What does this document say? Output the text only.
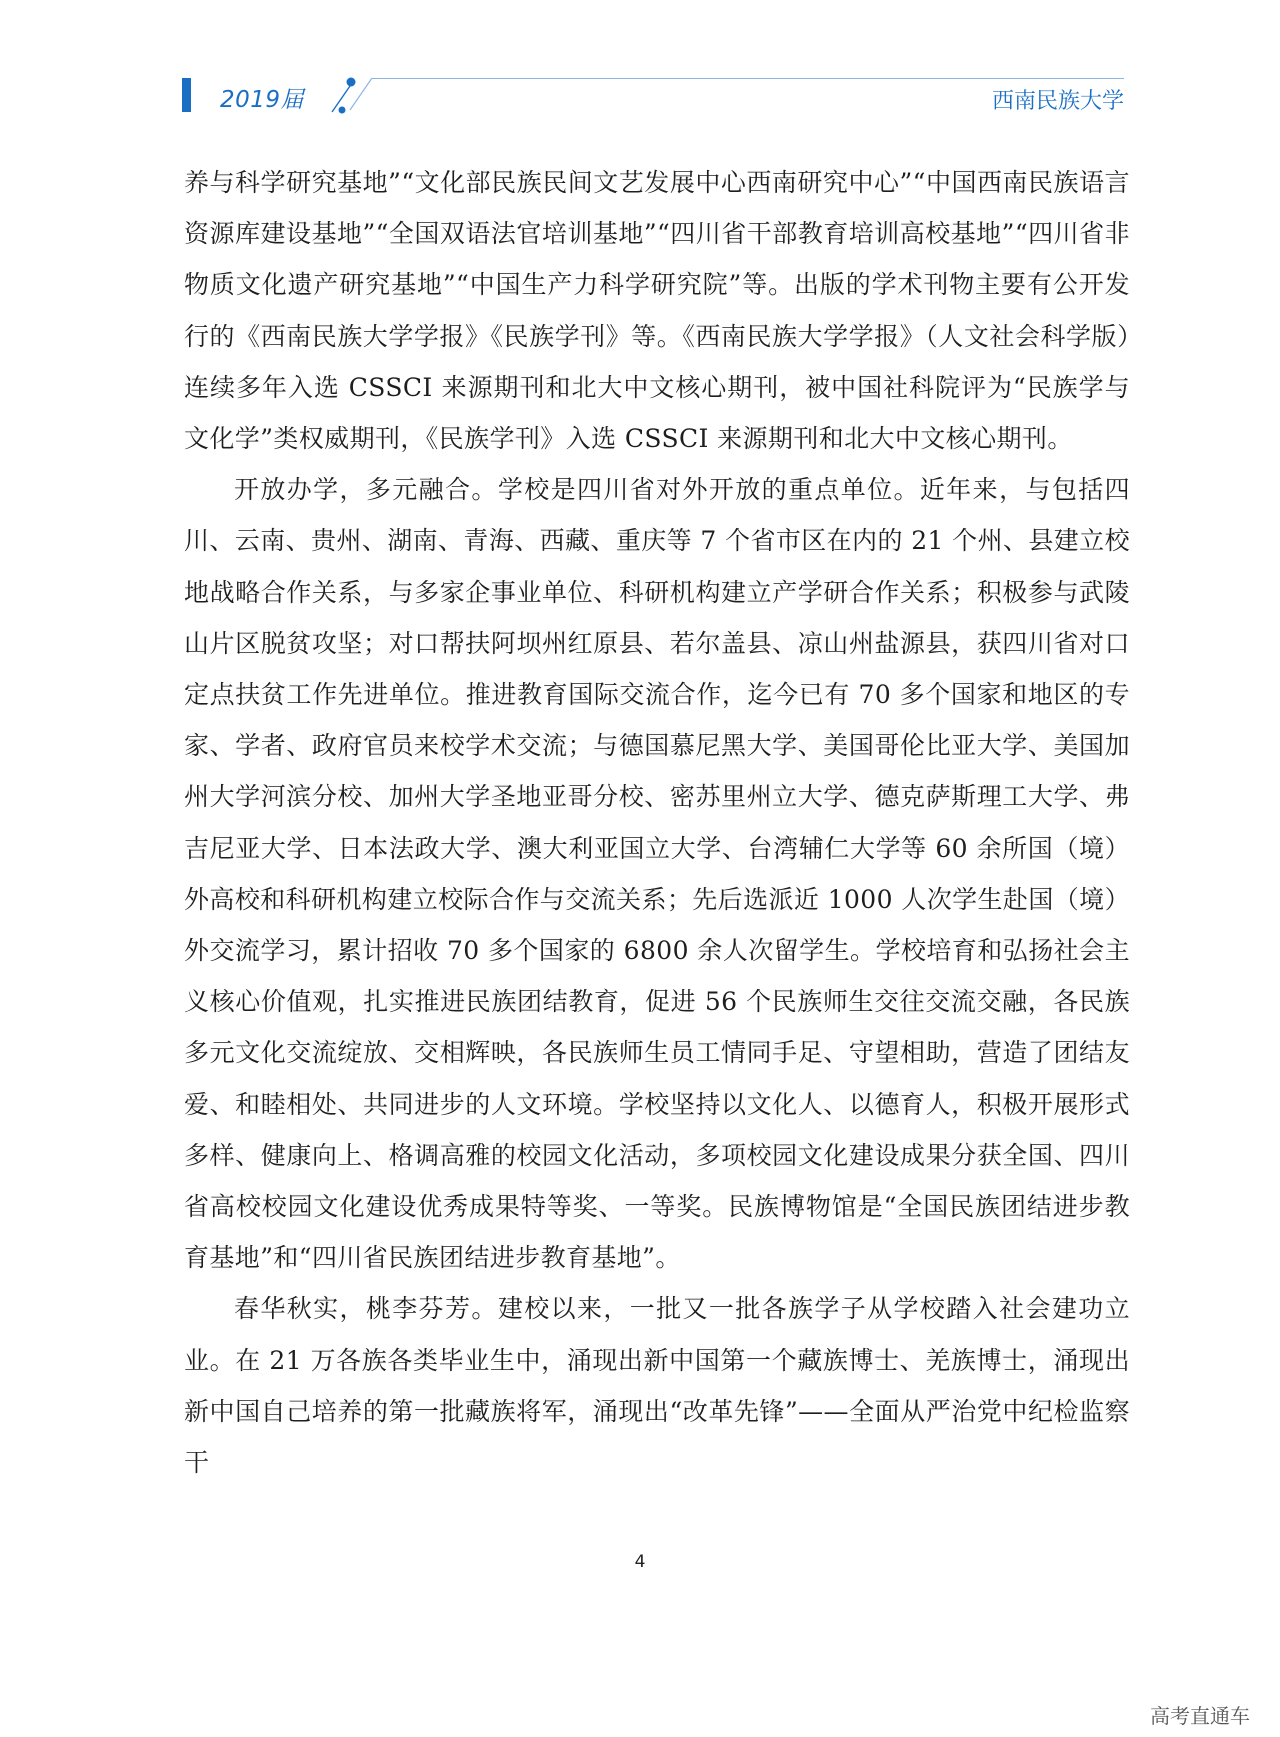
2019届	西南民族大学

养与科学研究基地”“文化部民族民间文艺发展中心西南研究中心”“中国西南民族语言资源库建设基地”“全国双语法官培训基地”“四川省干部教育培训高校基地”“四川省非物质文化遗产研究基地”“中国生产力科学研究院”等。出版的学术刊物主要有公开发行的《西南民族大学学报》《民族学刊》等。《西南民族大学学报》（人文社会科学版）连续多年入选 CSSCI 来源期刊和北大中文核心期刊，被中国社科院评为“民族学与文化学”类权威期刊，《民族学刊》入选 CSSCI 来源期刊和北大中文核心期刊。

开放办学，多元融合。学校是四川省对外开放的重点单位。近年来，与包括四川、云南、贵州、湖南、青海、西藏、重庆等 7 个省市区在内的 21 个州、县建立校地战略合作关系，与多家企事业单位、科研机构建立产学研合作关系；积极参与武陵山片区脱贫攻坚；对口帮扶阿坝州红原县、若尔盖县、凉山州盐源县，获四川省对口定点扶贫工作先进单位。推进教育国际交流合作，迄今已有 70 多个国家和地区的专家、学者、政府官员来校学术交流；与德国慕尼黑大学、美国哥伦比亚大学、美国加州大学河滨分校、加州大学圣地亚哥分校、密苏里州立大学、德克萨斯理工大学、弗吉尼亚大学、日本法政大学、澳大利亚国立大学、台湾辅仁大学等 60 余所国（境）外高校和科研机构建立校际合作与交流关系；先后选派近 1000 人次学生赴国（境）外交流学习，累计招收 70 多个国家的 6800 余人次留学生。学校培育和弘扬社会主义核心价值观，扎实推进民族团结教育，促进 56 个民族师生交往交流交融，各民族多元文化交流绽放、交相辉映，各民族师生员工情同手足、守望相助，营造了团结友爱、和睦相处、共同进步的人文环境。学校坚持以文化人、以德育人，积极开展形式多样、健康向上、格调高雅的校园文化活动，多项校园文化建设成果分获全国、四川省高校校园文化建设优秀成果特等奖、一等奖。民族博物馆是“全国民族团结进步教育基地”和“四川省民族团结进步教育基地”。

春华秋实，桃李芬芳。建校以来，一批又一批各族学子从学校踏入社会建功立业。在 21 万各族各类毕业生中，涌现出新中国第一个藏族博士、羌族博士，涌现出新中国自己培养的第一批藏族将军，涌现出“改革先锋”——全面从严治党中纪检监察干

4
高考直通车
